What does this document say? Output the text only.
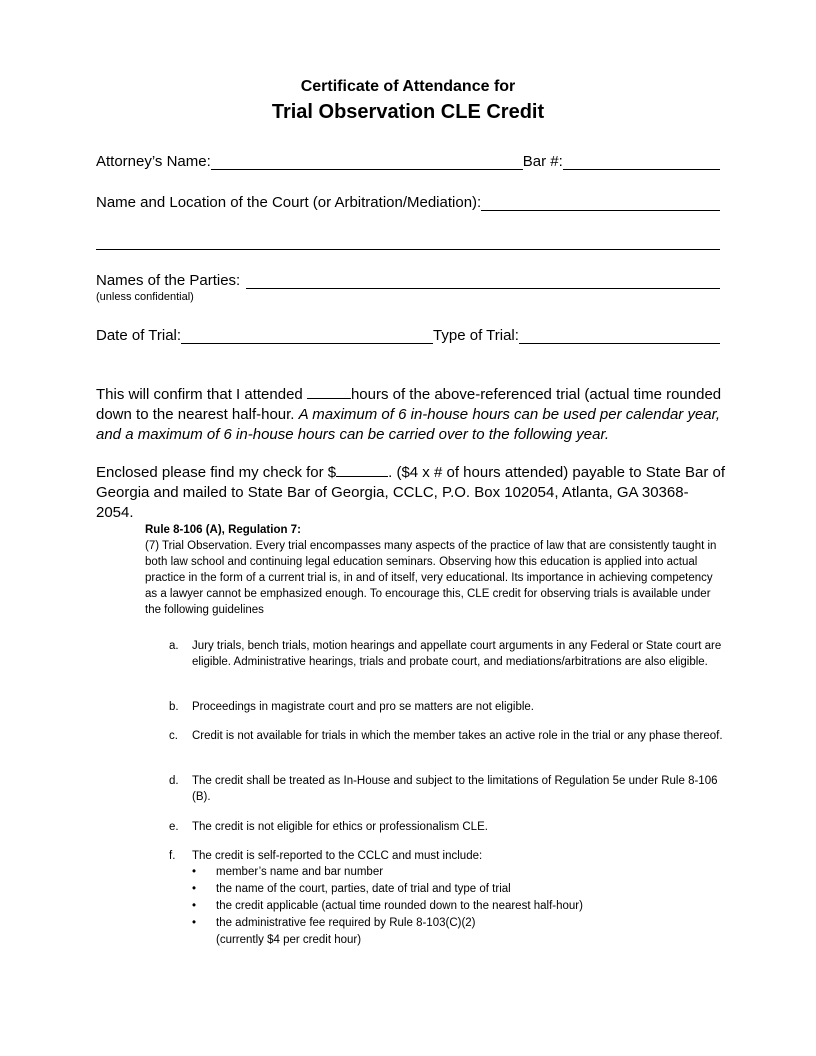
Certificate of Attendance for
Trial Observation CLE Credit
Attorney’s Name:	Bar #:
Name and Location of the Court (or Arbitration/Mediation):
Names of the Parties:
(unless confidential)
Date of Trial:	Type of Trial:
This will confirm that I attended	hours of the above-referenced trial (actual time rounded down to the nearest half-hour. A maximum of 6 in-house hours can be used per calendar year, and a maximum of 6 in-house hours can be carried over to the following year.
Enclosed please find my check for $	. ($4 x # of hours attended) payable to State Bar of Georgia and mailed to State Bar of Georgia, CCLC, P.O. Box 102054, Atlanta, GA 30368-2054.
Rule 8-106 (A), Regulation 7:
(7) Trial Observation. Every trial encompasses many aspects of the practice of law that are consistently taught in both law school and continuing legal education seminars. Observing how this education is applied into actual practice in the form of a current trial is, in and of itself, very educational. Its importance in achieving competency as a lawyer cannot be emphasized enough. To encourage this, CLE credit for observing trials is available under the following guidelines
a.	Jury trials, bench trials, motion hearings and appellate court arguments in any Federal or State court are eligible. Administrative hearings, trials and probate court, and mediations/arbitrations are also eligible.
b.	Proceedings in magistrate court and pro se matters are not eligible.
c.	Credit is not available for trials in which the member takes an active role in the trial or any phase thereof.
d.	The credit shall be treated as In-House and subject to the limitations of Regulation 5e under Rule 8-106 (B).
e.	The credit is not eligible for ethics or professionalism CLE.
f.	The credit is self-reported to the CCLC and must include:
• member’s name and bar number
• the name of the court, parties, date of trial and type of trial
• the credit applicable (actual time rounded down to the nearest half-hour)
• the administrative fee required by Rule 8-103(C)(2)
(currently $4 per credit hour)
